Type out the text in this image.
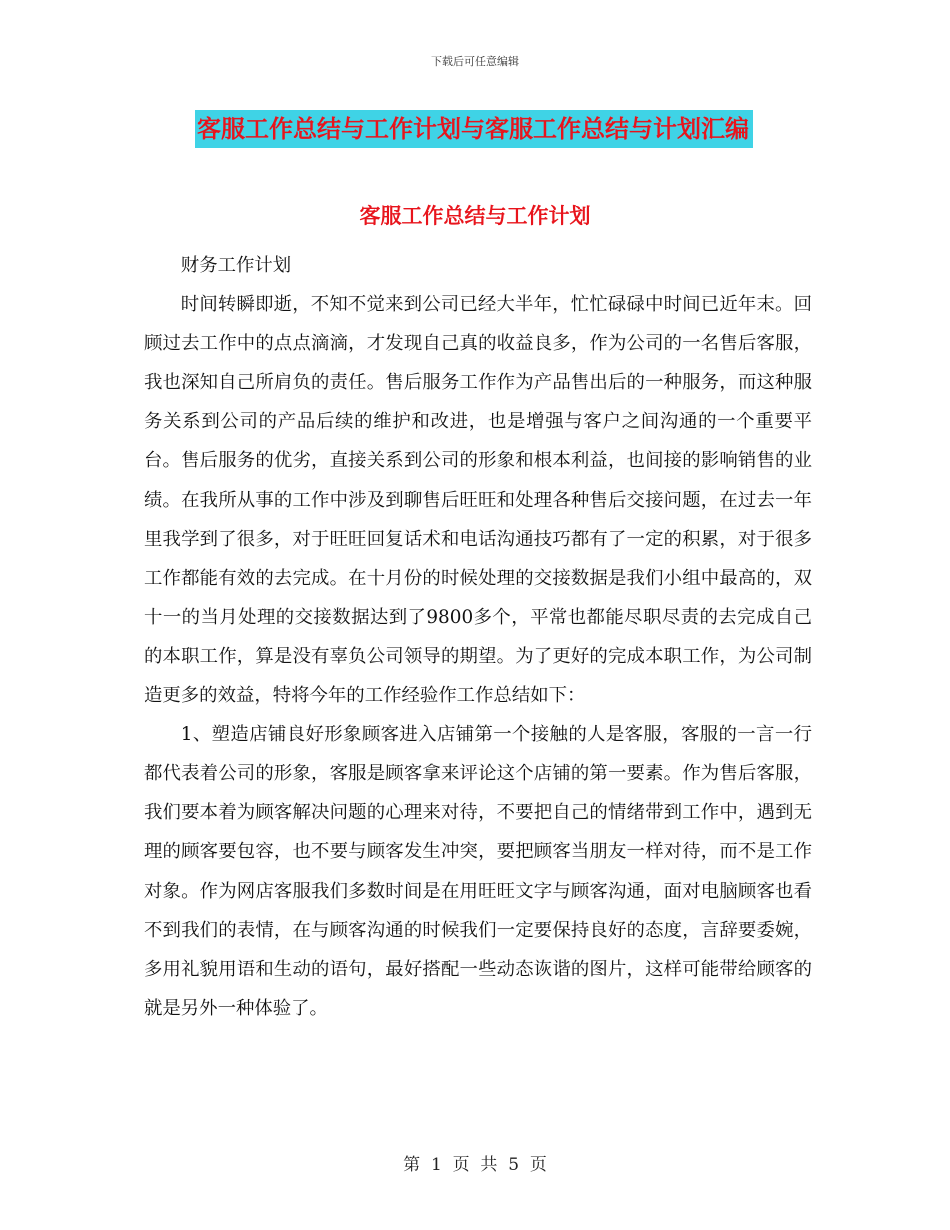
下载后可任意编辑
客服工作总结与工作计划与客服工作总结与计划汇编
客服工作总结与工作计划

财务工作计划

时间转瞬即逝，不知不觉来到公司已经大半年，忙忙碌碌中时间已近年末。回顾过去工作中的点点滴滴，才发现自己真的收益良多，作为公司的一名售后客服，我也深知自己所肩负的责任。售后服务工作作为产品售出后的一种服务，而这种服务关系到公司的产品后续的维护和改进，也是增强与客户之间沟通的一个重要平台。售后服务的优劣，直接关系到公司的形象和根本利益，也间接的影响销售的业绩。在我所从事的工作中涉及到聊售后旺旺和处理各种售后交接问题，在过去一年里我学到了很多，对于旺旺回复话术和电话沟通技巧都有了一定的积累，对于很多工作都能有效的去完成。在十月份的时候处理的交接数据是我们小组中最高的，双十一的当月处理的交接数据达到了9800多个，平常也都能尽职尽责的去完成自己的本职工作，算是没有辜负公司领导的期望。为了更好的完成本职工作，为公司制造更多的效益，特将今年的工作经验作工作总结如下：

1、塑造店铺良好形象顾客进入店铺第一个接触的人是客服，客服的一言一行都代表着公司的形象，客服是顾客拿来评论这个店铺的第一要素。作为售后客服，我们要本着为顾客解决问题的心理来对待，不要把自己的情绪带到工作中，遇到无理的顾客要包容，也不要与顾客发生冲突，要把顾客当朋友一样对待，而不是工作对象。作为网店客服我们多数时间是在用旺旺文字与顾客沟通，面对电脑顾客也看不到我们的表情，在与顾客沟通的时候我们一定要保持良好的态度，言辞要委婉，多用礼貌用语和生动的语句，最好搭配一些动态诙谐的图片，这样可能带给顾客的就是另外一种体验了。

第  1  页  共  5  页
